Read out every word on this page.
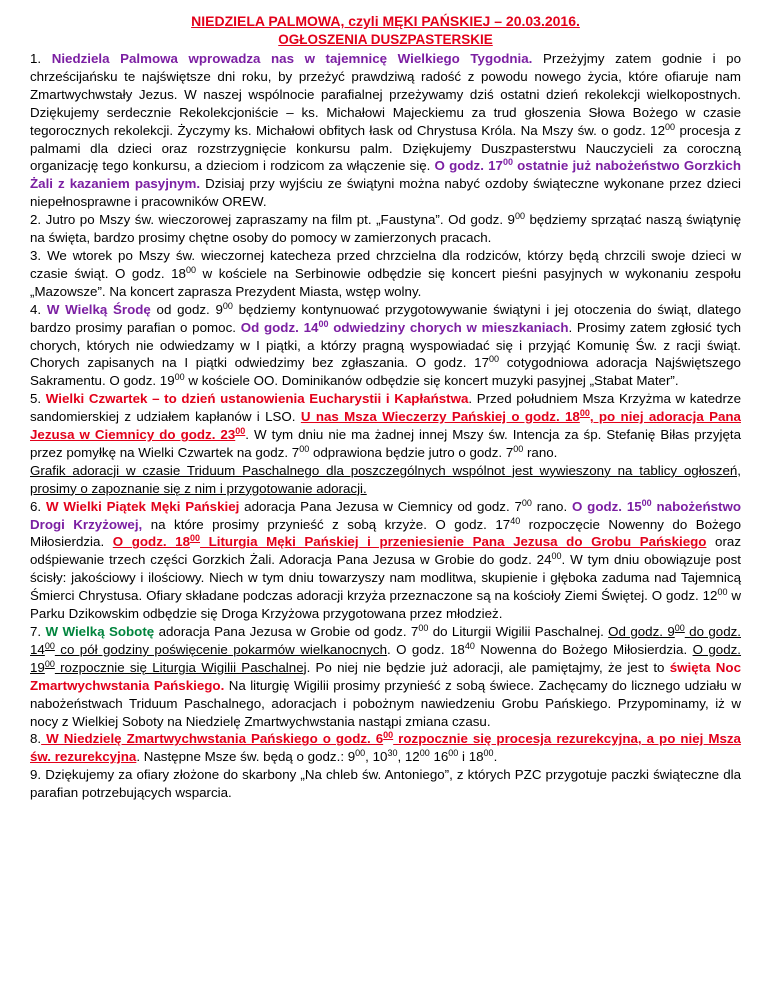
NIEDZIELA PALMOWA, czyli MĘKI PAŃSKIEJ – 20.03.2016.
OGŁOSZENIA DUSZPASTERSKIE

1. Niedziela Palmowa wprowadza nas w tajemnicę Wielkiego Tygodnia. Przeżyjmy zatem godnie i po chrześcijańsku te najświętsze dni roku, by przeżyć prawdziwą radość z powodu nowego życia, które ofiaruje nam Zmartwychwstały Jezus. W naszej wspólnocie parafialnej przeżywamy dziś ostatni dzień rekolekcji wielkopostnych. Dziękujemy serdecznie Rekolekcjoniście – ks. Michałowi Majeckiemu za trud głoszenia Słowa Bożego w czasie tegorocznych rekolekcji. Życzymy ks. Michałowi obfitych łask od Chrystusa Króla. Na Mszy św. o godz. $12^{00}$ procesja z palmami dla dzieci oraz rozstrzygnięcie konkursu palm. Dziękujemy Duszpasterstwu Nauczycieli za coroczną organizację tego konkursu, a dzieciom i rodzicom za włączenie się. O godz. $17^{00}$ ostatnie już nabożeństwo Gorzkich Żali z kazaniem pasyjnym. Dzisiaj przy wyjściu ze świątyni można nabyć ozdoby świąteczne wykonane przez dzieci niepełnosprawne i pracowników OREW.

2. Jutro po Mszy św. wieczorowej zapraszamy na film pt. „Faustyna”. Od godz. $9^{00}$ będziemy sprzątać naszą świątynię na święta, bardzo prosimy chętne osoby do pomocy w zamierzonych pracach.

3. We wtorek po Mszy św. wieczornej katecheza przed chrzcielna dla rodziców, którzy będą chrzcili swoje dzieci w czasie świąt. O godz. $18^{00}$ w kościele na Serbinowie odbędzie się koncert pieśni pasyjnych w wykonaniu zespołu „Mazowsze”. Na koncert zaprasza Prezydent Miasta, wstęp wolny.

4. W Wielką Środę od godz. $9^{00}$ będziemy kontynuować przygotowywanie świątyni i jej otoczenia do świąt, dlatego bardzo prosimy parafian o pomoc. Od godz. $14^{00}$ odwiedziny chorych w mieszkaniach. Prosimy zatem zgłosić tych chorych, których nie odwiedzamy w I piątki, a którzy pragną wyspowiadać się i przyjąć Komunię Św. z racji świąt. Chorych zapisanych na I piątki odwiedzimy bez zgłaszania. O godz. $17^{00}$ cotygodniowa adoracja Najświętszego Sakramentu. O godz. $19^{00}$ w kościele OO. Dominikanów odbędzie się koncert muzyki pasyjnej „Stabat Mater”.

5. Wielki Czwartek – to dzień ustanowienia Eucharystii i Kapłaństwa. Przed południem Msza Krzyżma w katedrze sandomierskiej z udziałem kapłanów i LSO. U nas Msza Wieczerzy Pańskiej o godz. $18^{00}$, po niej adoracja Pana Jezusa w Ciemnicy do godz. $23^{00}$. W tym dniu nie ma żadnej innej Mszy św. Intencja za śp. Stefanię Biłas przyjęta przez pomyłkę na Wielki Czwartek na godz. $7^{00}$ odprawiona będzie jutro o godz. $7^{00}$ rano.

Grafik adoracji w czasie Triduum Paschalnego dla poszczególnych wspólnot jest wywieszony na tablicy ogłoszeń, prosimy o zapoznanie się z nim i przygotowanie adoracji.

6. W Wielki Piątek Męki Pańskiej adoracja Pana Jezusa w Ciemnicy od godz. $7^{00}$ rano. O godz. $15^{00}$ nabożeństwo Drogi Krzyżowej, na które prosimy przynieść z sobą krzyże. O godz. $17^{40}$ rozpoczęcie Nowenny do Bożego Miłosierdzia. O godz. $18^{00}$ Liturgia Męki Pańskiej i przeniesienie Pana Jezusa do Grobu Pańskiego oraz odśpiewanie trzech części Gorzkich Żali. Adoracja Pana Jezusa w Grobie do godz. $24^{00}$. W tym dniu obowiązuje post ścisły: jakościowy i ilościowy. Niech w tym dniu towarzyszy nam modlitwa, skupienie i głęboka zaduma nad Tajemnicą Śmierci Chrystusa. Ofiary składane podczas adoracji krzyża przeznaczone są na kościoły Ziemi Świętej. O godz. $12^{00}$ w Parku Dzikowskim odbędzie się Droga Krzyżowa przygotowana przez młodzież.

7. W Wielką Sobotę adoracja Pana Jezusa w Grobie od godz. $7^{00}$ do Liturgii Wigilii Paschalnej. Od godz. $9^{00}$ do godz. $14^{00}$ co pół godziny poświęcenie pokarmów wielkanocnych. O godz. $18^{40}$ Nowenna do Bożego Miłosierdzia. O godz. $19^{00}$ rozpocznie się Liturgia Wigilii Paschalnej. Po niej nie będzie już adoracji, ale pamiętajmy, że jest to święta Noc Zmartwychwstania Pańskiego. Na liturgię Wigilii prosimy przynieść z sobą świece. Zachęcamy do licznego udziału w nabożeństwach Triduum Paschalnego, adoracjach i pobożnym nawiedzeniu Grobu Pańskiego. Przypominamy, iż w nocy z Wielkiej Soboty na Niedzielę Zmartwychwstania nastąpi zmiana czasu.

8. W Niedzielę Zmartwychwstania Pańskiego o godz. $6^{00}$ rozpocznie się procesja rezurekcyjna, a po niej Msza św. rezurekcyjna. Następne Msze św. będą o godz.: $9^{00}$, $10^{30}$, $12^{00}$ $16^{00}$ i $18^{00}$.

9. Dziękujemy za ofiary złożone do skarbony „Na chleb św. Antoniego”, z których PZC przygotuje paczki świąteczne dla parafian potrzebujących wsparcia.
